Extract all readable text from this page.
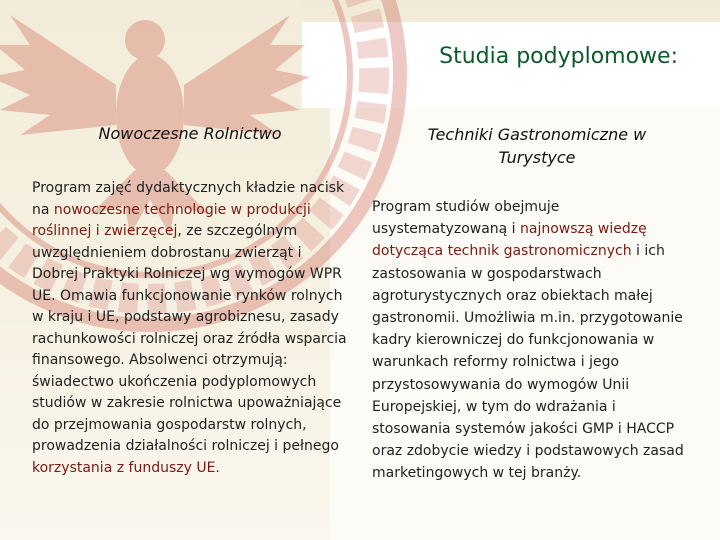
Studia podyplomowe:
Nowoczesne Rolnictwo	Techniki Gastronomiczne w Turystyce
Program zajęć dydaktycznych kładzie nacisk na nowoczesne technologie w produkcji roślinnej i zwierzęcej, ze szczególnym uwzględnieniem dobrostanu zwierząt i Dobrej Praktyki Rolniczej wg wymogów WPR UE. Omawia funkcjonowanie rynków rolnych w kraju i UE, podstawy agrobiznesu, zasady rachunkowości rolniczej oraz źródła wsparcia finansowego. Absolwenci otrzymują: świadectwo ukończenia podyplomowych studiów w zakresie rolnictwa upoważniające do przejmowania gospodarstw rolnych, prowadzenia działalności rolniczej i pełnego korzystania z funduszy UE.
Program studiów obejmuje usystematyzowaną i najnowszą wiedzę dotycząca technik gastronomicznych i ich zastosowania w gospodarstwach agroturystycznych oraz obiektach małej gastronomii. Umożliwia m.in. przygotowanie kadry kierowniczej do funkcjonowania w warunkach reformy rolnictwa i jego przystosowywania do wymogów Unii Europejskiej, w tym do wdrażania i stosowania systemów jakości GMP i HACCP oraz zdobycie wiedzy i podstawowych zasad marketingowych w tej branży.
